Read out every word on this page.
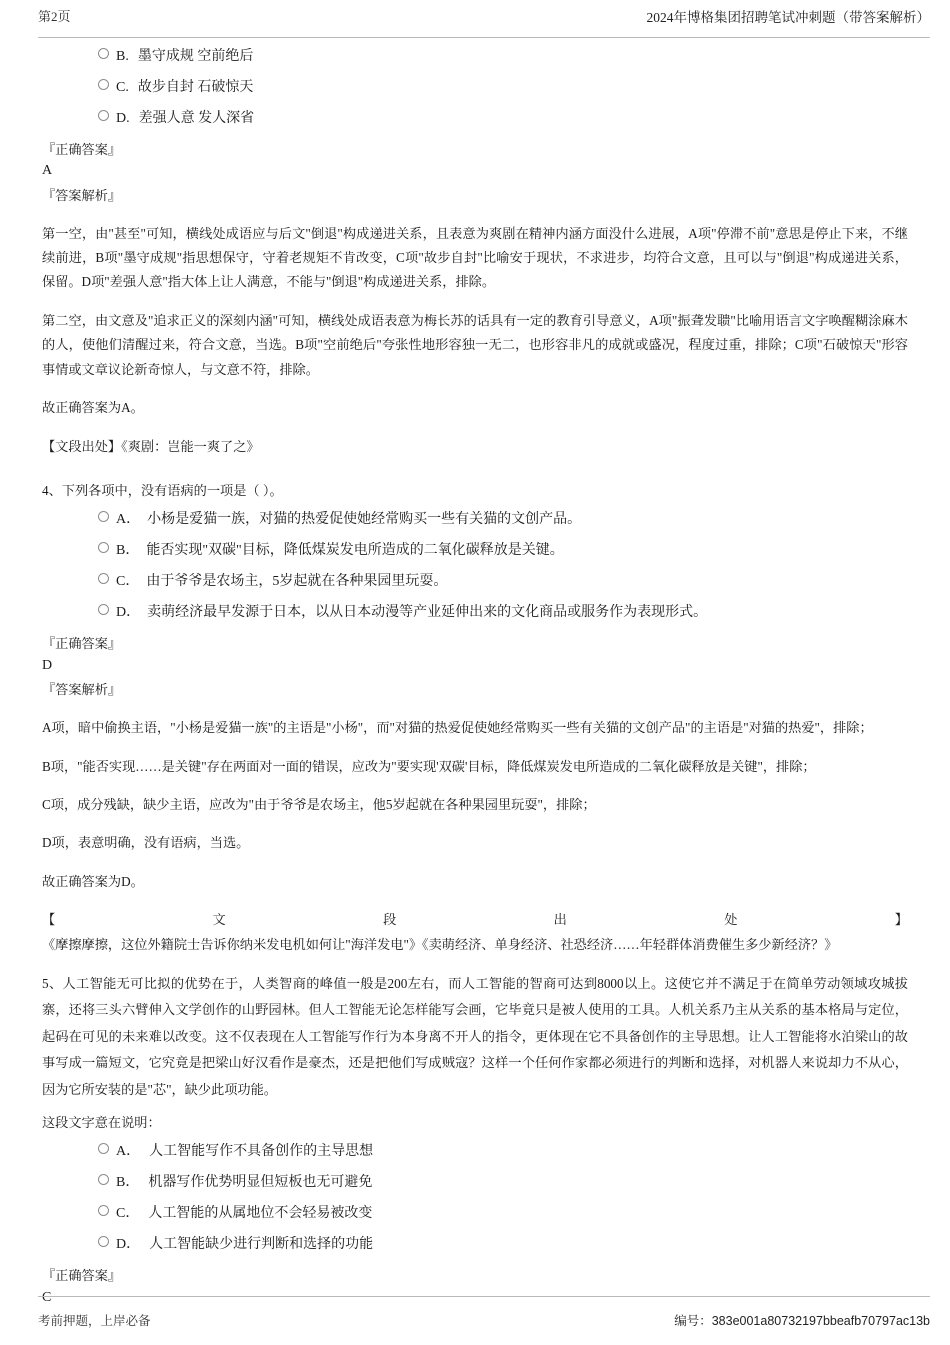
第2页	2024年博格集团招聘笔试冲刺题（带答案解析）
B. 墨守成规 空前绝后
C. 故步自封 石破惊天
D. 差强人意 发人深省
『正确答案』
A
『答案解析』
第一空，由"甚至"可知，横线处成语应与后文"倒退"构成递进关系，且表意为爽剧在精神内涵方面没什么进展，A项"停滞不前"意思是停止下来，不继续前进，B项"墨守成规"指思想保守，守着老规矩不肯改变，C项"故步自封"比喻安于现状，不求进步，均符合文意，且可以与"倒退"构成递进关系，保留。D项"差强人意"指大体上让人满意，不能与"倒退"构成递进关系，排除。
第二空，由文意及"追求正义的深刻内涵"可知，横线处成语表意为梅长苏的话具有一定的教育引导意义，A项"振聋发聩"比喻用语言文字唤醒糊涂麻木的人，使他们清醒过来，符合文意，当选。B项"空前绝后"夸张性地形容独一无二，也形容非凡的成就或盛况，程度过重，排除；C项"石破惊天"形容事情或文章议论新奇惊人，与文意不符，排除。
故正确答案为A。
【文段出处】《爽剧：岂能一爽了之》
4、下列各项中，没有语病的一项是（ ）。
A． 小杨是爱猫一族，对猫的热爱促使她经常购买一些有关猫的文创产品。
B． 能否实现"双碳"目标，降低煤炭发电所造成的二氧化碳释放是关键。
C． 由于爷爷是农场主，5岁起就在各种果园里玩耍。
D． 卖萌经济最早发源于日本，以从日本动漫等产业延伸出来的文化商品或服务作为表现形式。
『正确答案』
D
『答案解析』
A项，暗中偷换主语，"小杨是爱猫一族"的主语是"小杨"，而"对猫的热爱促使她经常购买一些有关猫的文创产品"的主语是"对猫的热爱"，排除；
B项，"能否实现……是关键"存在两面对一面的错误，应改为"要实现'双碳'目标，降低煤炭发电所造成的二氧化碳释放是关键"，排除；
C项，成分残缺，缺少主语，应改为"由于爷爷是农场主，他5岁起就在各种果园里玩耍"，排除；
D项，表意明确，没有语病，当选。
故正确答案为D。
【文段出处】《摩擦摩擦，这位外籍院士告诉你纳米发电机如何让"海洋发电"》《卖萌经济、单身经济、社恐经济……年轻群体消费催生多少新经济？》
5、人工智能无可比拟的优势在于，人类智商的峰值一般是200左右，而人工智能的智商可达到8000以上。这使它并不满足于在简单劳动领域攻城拔寨，还将三头六臂伸入文学创作的山野园林。但人工智能无论怎样能写会画，它毕竟只是被人使用的工具。人机关系乃主从关系的基本格局与定位，起码在可见的未来难以改变。这不仅表现在人工智能写作行为本身离不开人的指令，更体现在它不具备创作的主导思想。让人工智能将水泊梁山的故事写成一篇短文，它究竟是把梁山好汉看作是豪杰，还是把他们写成贼寇？这样一个任何作家都必须进行的判断和选择，对机器人来说却力不从心，因为它所安装的是"芯"，缺少此项功能。
这段文字意在说明：
A． 人工智能写作不具备创作的主导思想
B． 机器写作优势明显但短板也无可避免
C． 人工智能的从属地位不会轻易被改变
D． 人工智能缺少进行判断和选择的功能
『正确答案』
C
考前押题，上岸必备	编号：383e001a80732197bbeafb70797ac13b
